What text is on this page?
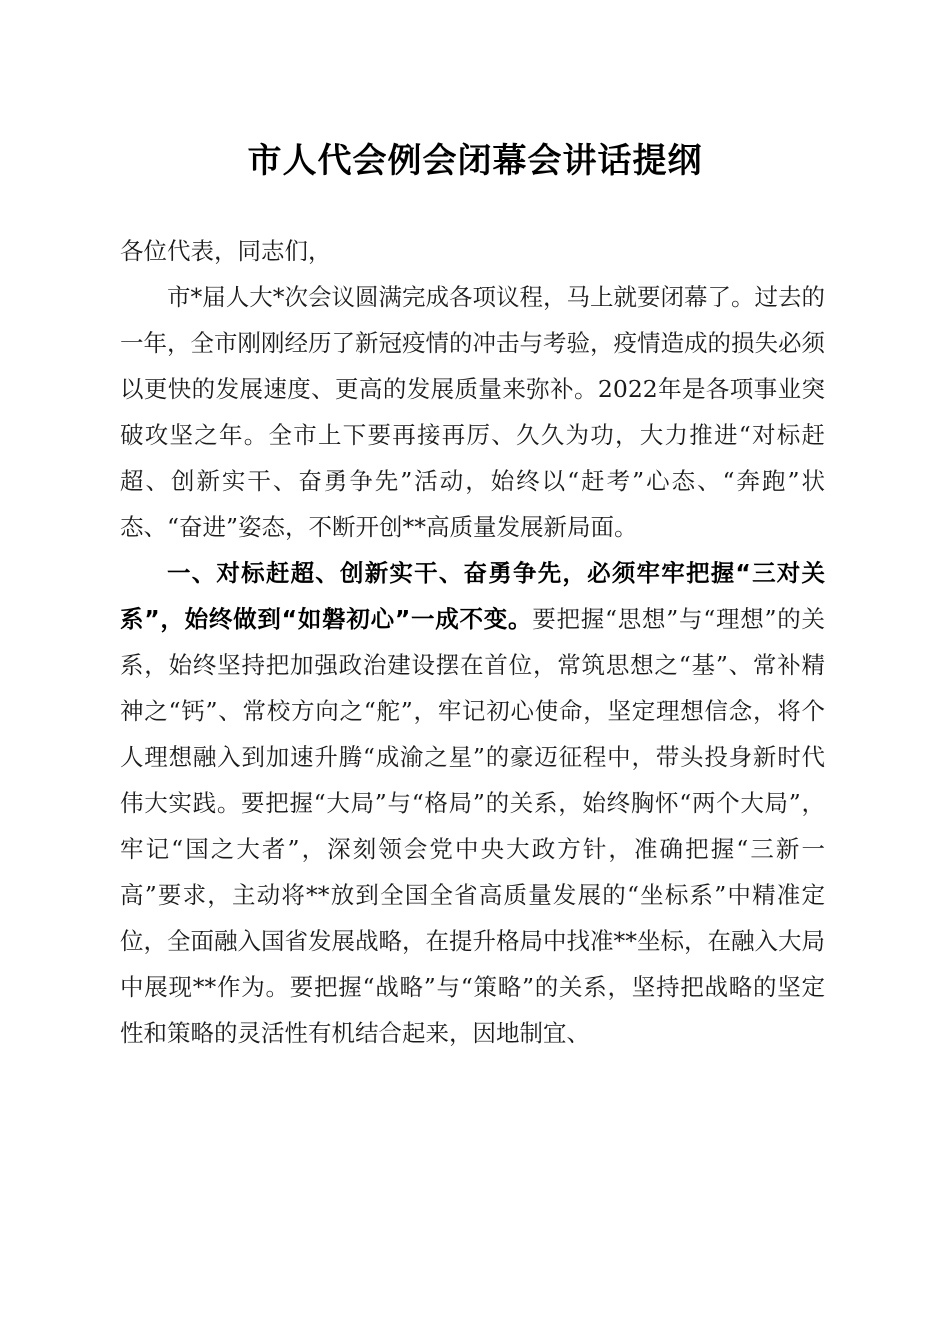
市人代会例会闭幕会讲话提纲

各位代表，同志们，

市*届人大*次会议圆满完成各项议程，马上就要闭幕了。过去的一年，全市刚刚经历了新冠疫情的冲击与考验，疫情造成的损失必须以更快的发展速度、更高的发展质量来弥补。2022年是各项事业突破攻坚之年。全市上下要再接再厉、久久为功，大力推进“对标赶超、创新实干、奋勇争先”活动，始终以“赶考”心态、“奔跑”状态、“奋进”姿态，不断开创**高质量发展新局面。

一、对标赶超、创新实干、奋勇争先，必须牢牢把握“三对关系”，始终做到“如磐初心”一成不变。要把握“思想”与“理想”的关系，始终坚持把加强政治建设摆在首位，常筑思想之“基”、常补精神之“钙”、常校方向之“舵”，牢记初心使命，坚定理想信念，将个人理想融入到加速升腾“成渝之星”的豪迈征程中，带头投身新时代伟大实践。要把握“大局”与“格局”的关系，始终胸怀“两个大局”，牢记“国之大者”，深刻领会党中央大政方针，准确把握“三新一高”要求，主动将**放到全国全省高质量发展的“坐标系”中精准定位，全面融入国省发展战略，在提升格局中找准**坐标，在融入大局中展现**作为。要把握“战略”与“策略”的关系，坚持把战略的坚定性和策略的灵活性有机结合起来，因地制宜、
